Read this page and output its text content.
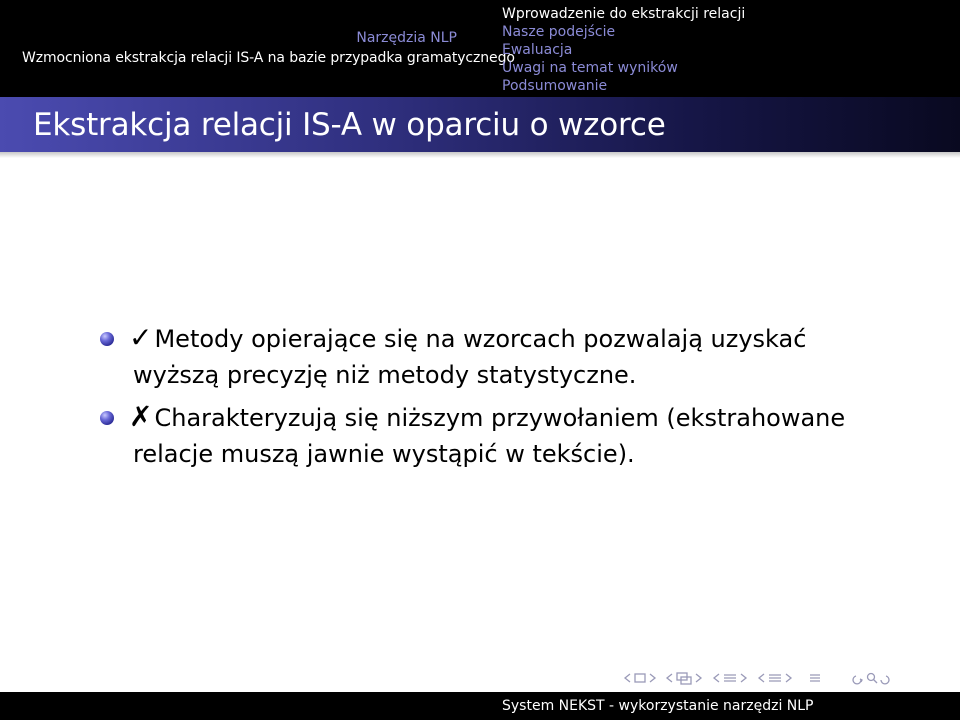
Narzędzia NLP
Wzmocniona ekstrakcja relacji IS-A na bazie przypadka gramatycznego
Wprowadzenie do ekstrakcji relacji
Nasze podejście
Ewaluacja
Uwagi na temat wyników
Podsumowanie
Ekstrakcja relacji IS-A w oparciu o wzorce
✓Metody opierające się na wzorcach pozwalają uzyskać wyższą precyzję niż metody statystyczne.
✗Charakteryzują się niższym przywołaniem (ekstrahowane relacje muszą jawnie wystąpić w tekście).
System NEKST - wykorzystanie narzędzi NLP
